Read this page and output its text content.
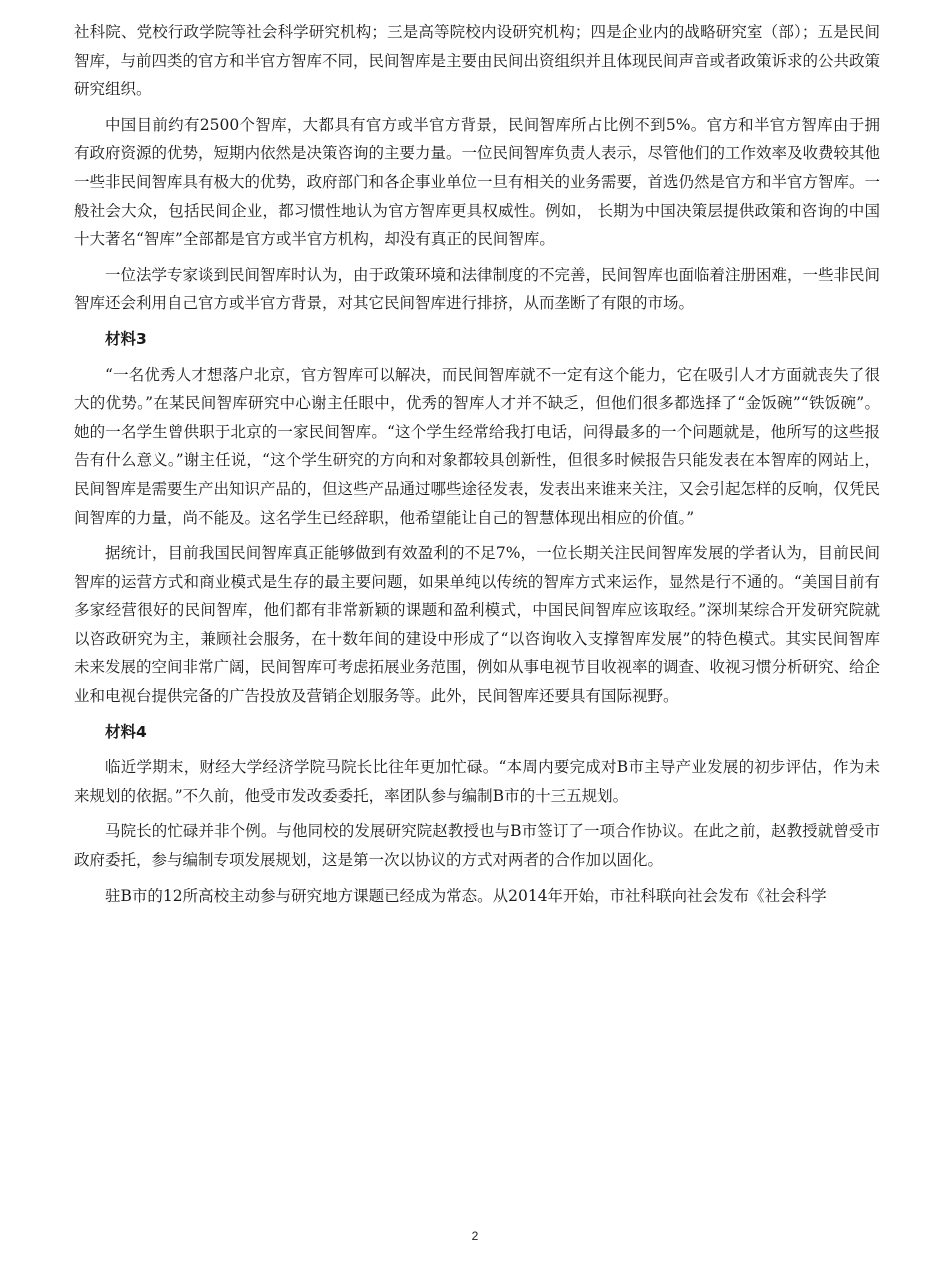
社科院、党校行政学院等社会科学研究机构；三是高等院校内设研究机构；四是企业内的战略研究室（部）；五是民间智库，与前四类的官方和半官方智库不同，民间智库是主要由民间出资组织并且体现民间声音或者政策诉求的公共政策研究组织。

中国目前约有2500个智库，大都具有官方或半官方背景，民间智库所占比例不到5%。官方和半官方智库由于拥有政府资源的优势，短期内依然是决策咨询的主要力量。一位民间智库负责人表示，尽管他们的工作效率及收费较其他一些非民间智库具有极大的优势，政府部门和各企事业单位一旦有相关的业务需要，首选仍然是官方和半官方智库。一般社会大众，包括民间企业，都习惯性地认为官方智库更具权威性。例如， 长期为中国决策层提供政策和咨询的中国十大著名“智库”全部都是官方或半官方机构，却没有真正的民间智库。

一位法学专家谈到民间智库时认为，由于政策环境和法律制度的不完善，民间智库也面临着注册困难，一些非民间智库还会利用自己官方或半官方背景，对其它民间智库进行排挤，从而垄断了有限的市场。

材料3

“一名优秀人才想落户北京，官方智库可以解决，而民间智库就不一定有这个能力，它在吸引人才方面就丧失了很大的优势。”在某民间智库研究中心谢主任眼中，优秀的智库人才并不缺乏，但他们很多都选择了“金饭碗”“铁饭碗”。她的一名学生曾供职于北京的一家民间智库。“这个学生经常给我打电话，问得最多的一个问题就是，他所写的这些报告有什么意义。”谢主任说，“这个学生研究的方向和对象都较具创新性，但很多时候报告只能发表在本智库的网站上，民间智库是需要生产出知识产品的，但这些产品通过哪些途径发表，发表出来谁来关注，又会引起怎样的反响，仅凭民间智库的力量，尚不能及。这名学生已经辞职，他希望能让自己的智慧体现出相应的价值。”

据统计，目前我国民间智库真正能够做到有效盈利的不足7%，一位长期关注民间智库发展的学者认为，目前民间智库的运营方式和商业模式是生存的最主要问题，如果单纯以传统的智库方式来运作，显然是行不通的。“美国目前有多家经营很好的民间智库，他们都有非常新颖的课题和盈利模式，中国民间智库应该取经。”深圳某综合开发研究院就以咨政研究为主，兼顾社会服务，在十数年间的建设中形成了“以咨询收入支撑智库发展”的特色模式。其实民间智库未来发展的空间非常广阔，民间智库可考虑拓展业务范围，例如从事电视节目收视率的调查、收视习惯分析研究、给企业和电视台提供完备的广告投放及营销企划服务等。此外，民间智库还要具有国际视野。

材料4

临近学期末，财经大学经济学院马院长比往年更加忙碌。“本周内要完成对B市主导产业发展的初步评估，作为未来规划的依据。”不久前，他受市发改委委托，率团队参与编制B市的十三五规划。

马院长的忙碌并非个例。与他同校的发展研究院赵教授也与B市签订了一项合作协议。在此之前，赵教授就曾受市政府委托，参与编制专项发展规划，这是第一次以协议的方式对两者的合作加以固化。

驻B市的12所高校主动参与研究地方课题已经成为常态。从2014年开始，市社科联向社会发布《社会科学

2
